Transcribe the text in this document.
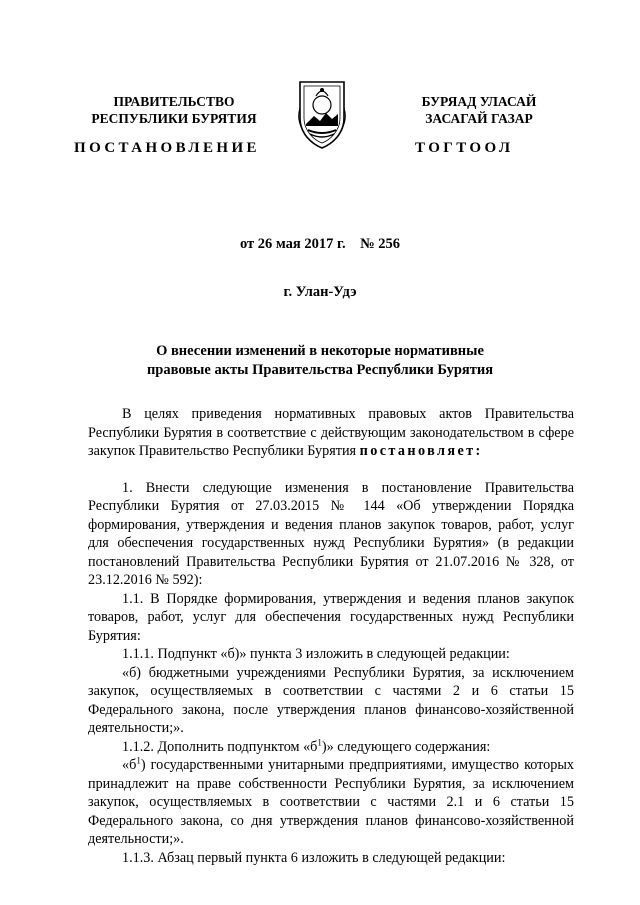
ПРАВИТЕЛЬСТВО
РЕСПУБЛИКИ БУРЯТИЯ
БУРЯАД УЛАСАЙ
ЗАСАГАЙ ГАЗАР
ПОСТАНОВЛЕНИЕ	ТОГТООЛ
от 26 мая 2017 г.    № 256
г. Улан-Удэ
О внесении изменений в некоторые нормативные
правовые акты Правительства Республики Бурятия

В целях приведения нормативных правовых актов Правительства Республики Бурятия в соответствие с действующим законодательством в сфере закупок Правительство Республики Бурятия постановляет:

1. Внести следующие изменения в постановление Правительства Республики Бурятия от 27.03.2015 № 144 «Об утверждении Порядка формирования, утверждения и ведения планов закупок товаров, работ, услуг для обеспечения государственных нужд Республики Бурятия» (в редакции постановлений Правительства Республики Бурятия от 21.07.2016 № 328, от 23.12.2016 № 592):

1.1. В Порядке формирования, утверждения и ведения планов закупок товаров, работ, услуг для обеспечения государственных нужд Республики Бурятия:

1.1.1. Подпункт «б)» пункта 3 изложить в следующей редакции:

«б) бюджетными учреждениями Республики Бурятия, за исключением закупок, осуществляемых в соответствии с частями 2 и 6 статьи 15 Федерального закона, после утверждения планов финансово-хозяйственной деятельности;».

1.1.2. Дополнить подпунктом «$б^1$)» следующего содержания:

«$б^1$) государственными унитарными предприятиями, имущество которых принадлежит на праве собственности Республики Бурятия, за исключением закупок, осуществляемых в соответствии с частями 2.1 и 6 статьи 15 Федерального закона, со дня утверждения планов финансово-хозяйственной деятельности;».

1.1.3. Абзац первый пункта 6 изложить в следующей редакции:
